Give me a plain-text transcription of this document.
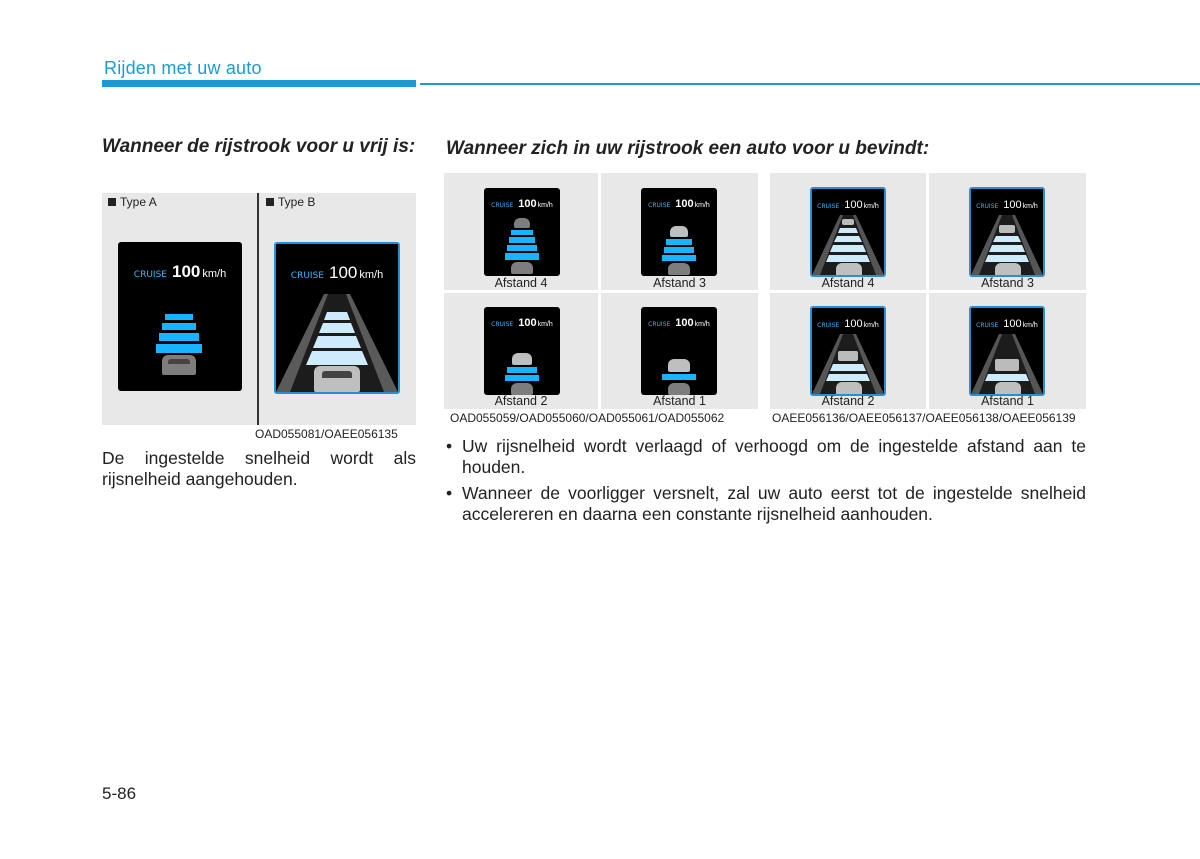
Rijden met uw auto
Wanneer de rijstrook voor u vrij is:
Type A	Type B
CRUISE 100 km/h	CRUISE 100 km/h
OAD055081/OAEE056135
De ingestelde snelheid wordt als rijsnelheid aangehouden.
Wanneer zich in uw rijstrook een auto voor u bevindt:
CRUISE 100 km/h
Afstand 4
CRUISE 100 km/h
Afstand 3
CRUISE 100 km/h
Afstand 2
CRUISE 100 km/h
Afstand 1
OAD055059/OAD055060/OAD055061/OAD055062
CRUISE 100 km/h
Afstand 4
CRUISE 100 km/h
Afstand 3
CRUISE 100 km/h
Afstand 2
CRUISE 100 km/h
Afstand 1
OAEE056136/OAEE056137/OAEE056138/OAEE056139
• Uw rijsnelheid wordt verlaagd of verhoogd om de ingestelde afstand aan te houden.
• Wanneer de voorligger versnelt, zal uw auto eerst tot de ingestelde snelheid accelereren en daarna een constante rijsnelheid aanhouden.
5-86
